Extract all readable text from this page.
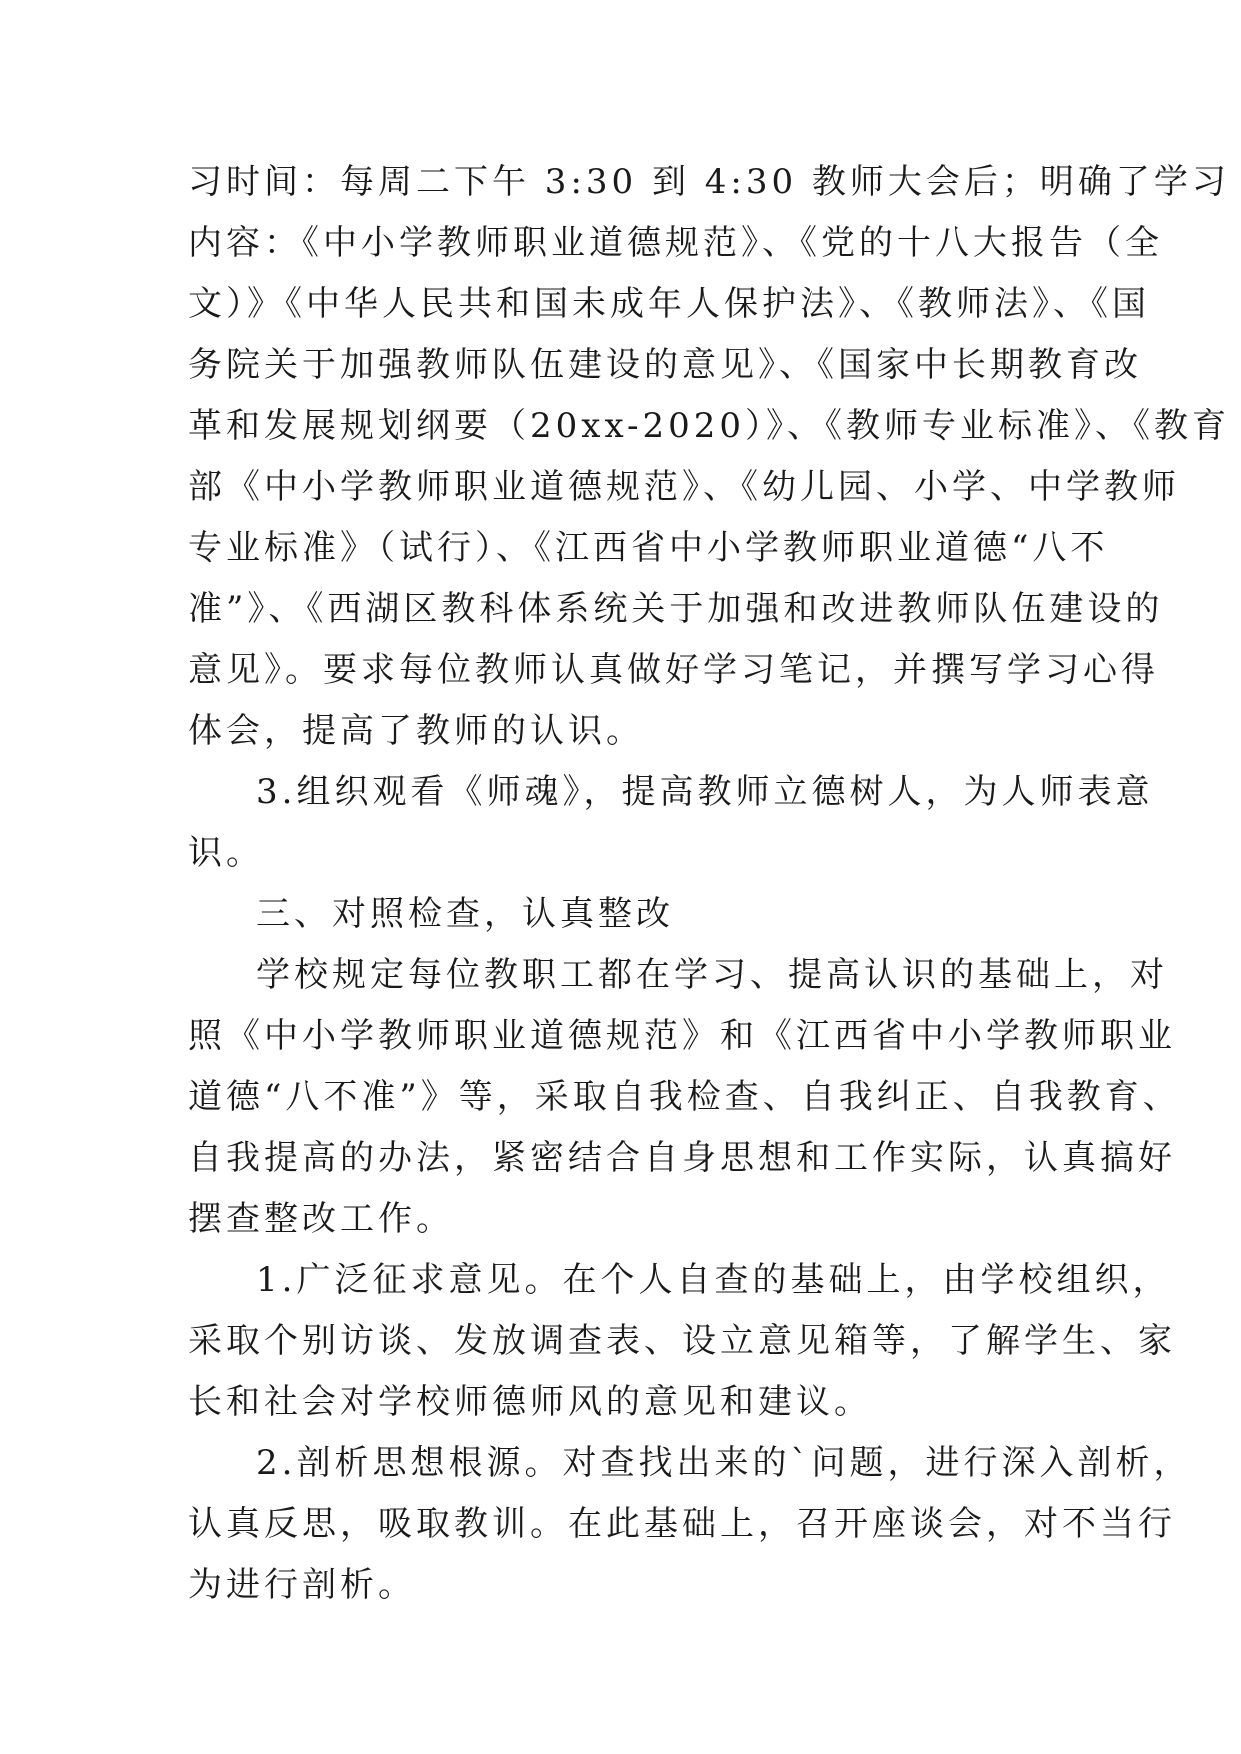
习时间：每周二下午 3:30 到 4:30 教师大会后；明确了学习
内容：《中小学教师职业道德规范》、《党的十八大报告（全
文）》《中华人民共和国未成年人保护法》、《教师法》、《国
务院关于加强教师队伍建设的意见》、《国家中长期教育改
革和发展规划纲要（20xx-2020）》、《教师专业标准》、《教育
部《中小学教师职业道德规范》、《幼儿园、小学、中学教师
专业标准》（试行）、《江西省中小学教师职业道德“八不
准”》、《西湖区教科体系统关于加强和改进教师队伍建设的
意见》。要求每位教师认真做好学习笔记，并撰写学习心得
体会，提高了教师的认识。

3.组织观看《师魂》，提高教师立德树人，为人师表意
识。

三、对照检查，认真整改

学校规定每位教职工都在学习、提高认识的基础上，对
照《中小学教师职业道德规范》和《江西省中小学教师职业
道德“八不准”》等，采取自我检查、自我纠正、自我教育、
自我提高的办法，紧密结合自身思想和工作实际，认真搞好
摆查整改工作。

1.广泛征求意见。在个人自查的基础上，由学校组织，
采取个别访谈、发放调查表、设立意见箱等，了解学生、家
长和社会对学校师德师风的意见和建议。

2.剖析思想根源。对查找出来的`问题，进行深入剖析，
认真反思，吸取教训。在此基础上，召开座谈会，对不当行
为进行剖析。
